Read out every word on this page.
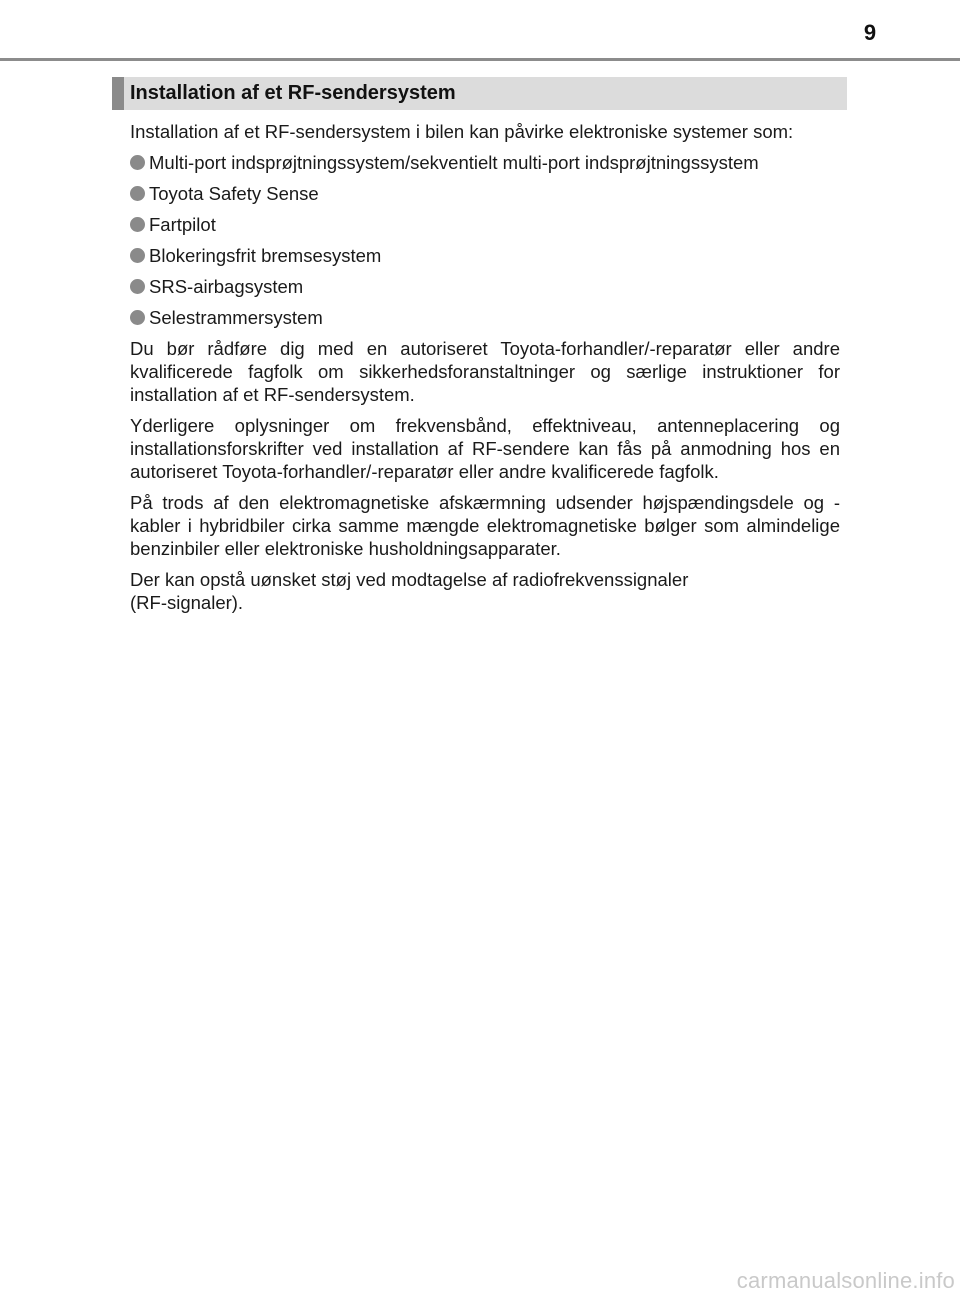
9
Installation af et RF-sendersystem

Installation af et RF-sendersystem i bilen kan påvirke elektroniske systemer som:

Multi-port indsprøjtningssystem/sekventielt multi-port indsprøjtningssystem
Toyota Safety Sense
Fartpilot
Blokeringsfrit bremsesystem
SRS-airbagsystem
Selestrammersystem

Du bør rådføre dig med en autoriseret Toyota-forhandler/-reparatør eller andre kvalificerede fagfolk om sikkerhedsforanstaltninger og særlige instruktioner for installation af et RF-sendersystem.

Yderligere oplysninger om frekvensbånd, effektniveau, antenneplacering og installationsforskrifter ved installation af RF-sendere kan fås på anmodning hos en autoriseret Toyota-forhandler/-reparatør eller andre kvalificerede fagfolk.

På trods af den elektromagnetiske afskærmning udsender højspændingsdele og -kabler i hybridbiler cirka samme mængde elektromagnetiske bølger som almindelige benzinbiler eller elektroniske husholdningsapparater.

Der kan opstå uønsket støj ved modtagelse af radiofrekvenssignaler
(RF-signaler).

carmanualsonline.info
